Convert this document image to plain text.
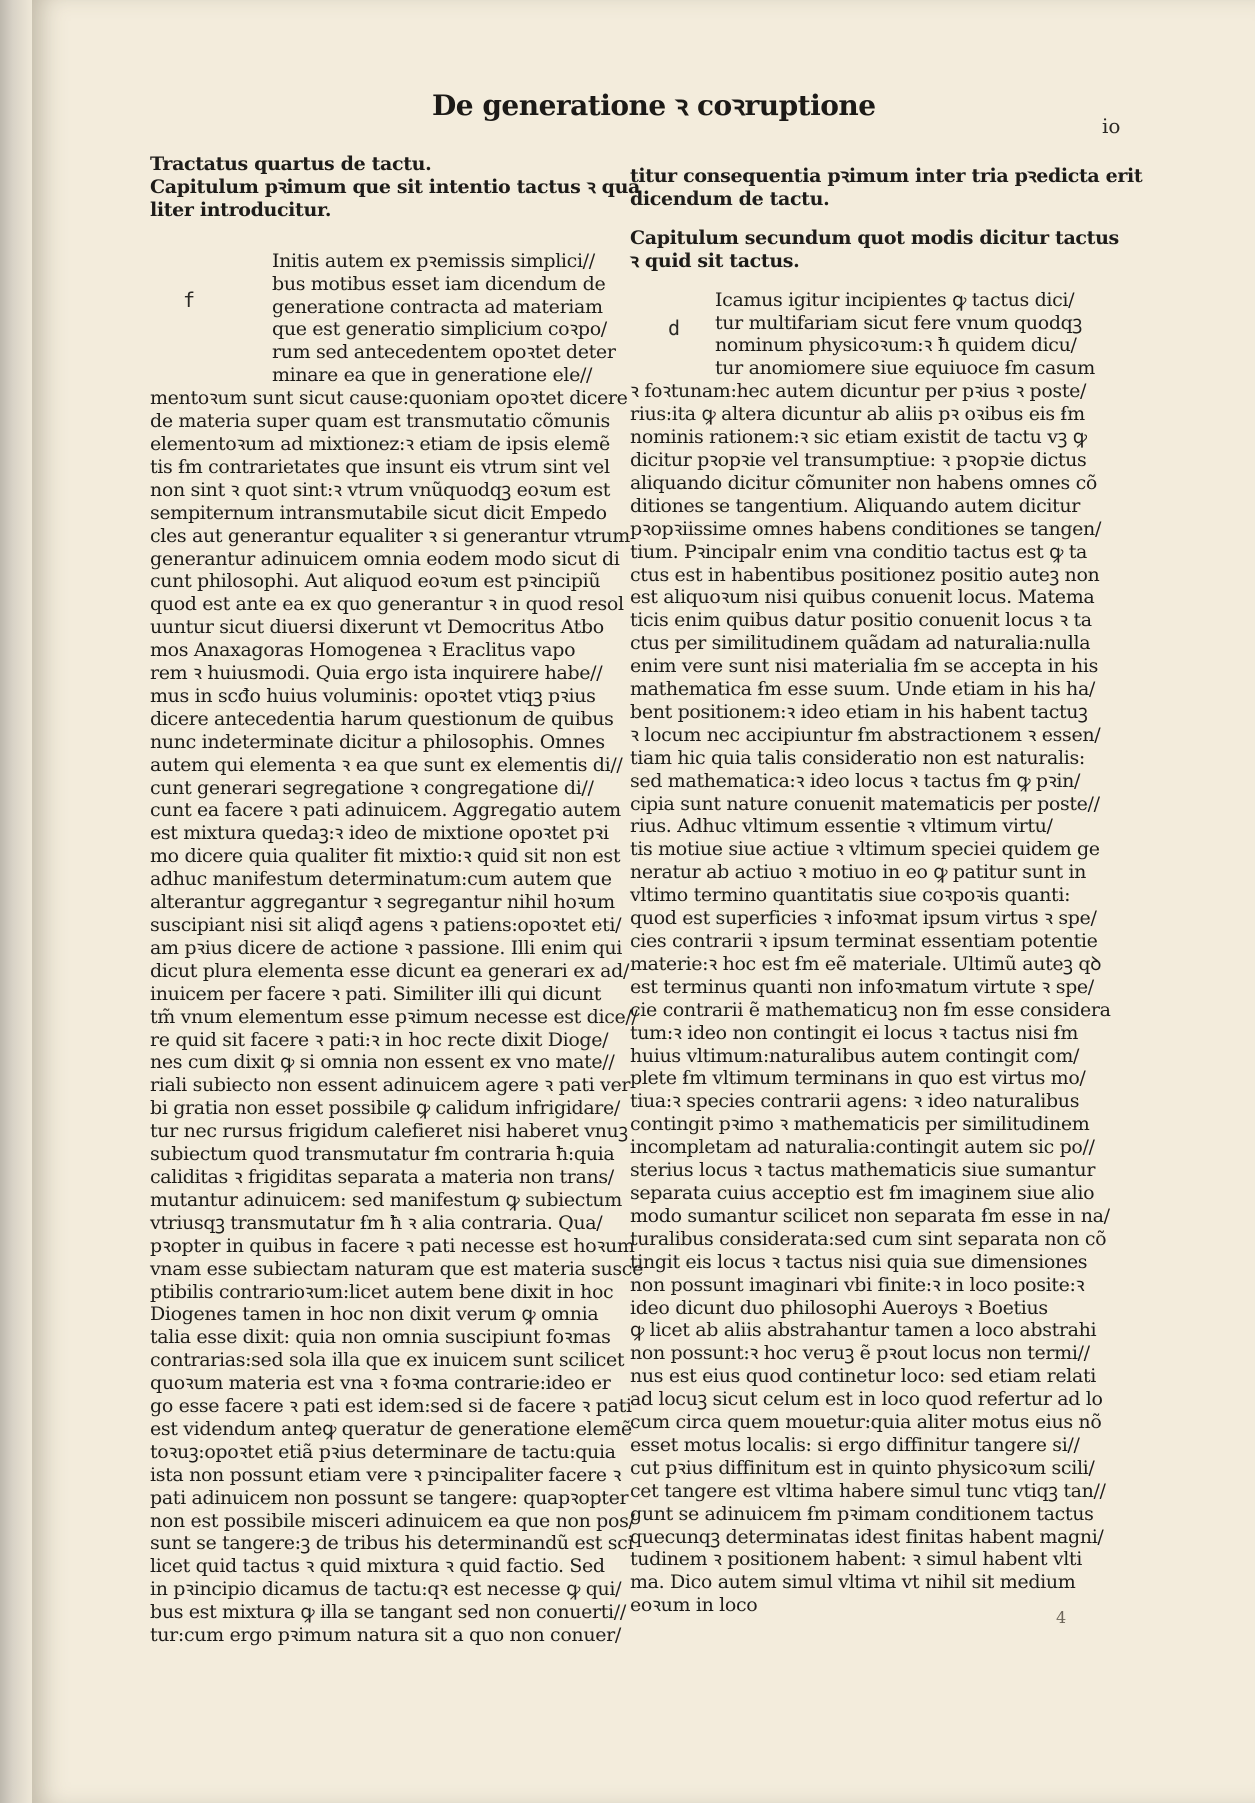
De generatione ꝛ coꝛruptione
io
f
d
Tractatus quartus de tactu.
Capitulum pꝛimum que sit intentio tactus ꝛ qua
liter introducitur.
Initis autem ex pꝛemissis simplici//
bus motibus esset iam dicendum de
generatione contracta ad materiam
que est generatio simplicium coꝛpo/
rum sed antecedentem opoꝛtet deter
minare ea que in generatione ele//
mentoꝛum sunt sicut cause:quoniam opoꝛtet dicere
de materia super quam est transmutatio cõmunis
elementoꝛum ad mixtionez:ꝛ etiam de ipsis elemẽ
tis ẜm contrarietates que insunt eis vtrum sint vel
non sint ꝛ quot sint:ꝛ vtrum vnũquodqꝫ eoꝛum est
sempiternum intransmutabile sicut dicit Empedo
cles aut generantur equaliter ꝛ si generantur vtrum
generantur adinuicem omnia eodem modo sicut di
cunt philosophi. Aut aliquod eoꝛum est pꝛincipiũ
quod est ante ea ex quo generantur ꝛ in quod resol
uuntur sicut diuersi dixerunt vt Democritus Atbo
mos Anaxagoras Homogenea ꝛ Eraclitus vapo
rem ꝛ huiusmodi. Quia ergo ista inquirere habe//
mus in scđo huius voluminis: opoꝛtet vtiqꝫ pꝛius
dicere antecedentia harum questionum de quibus
nunc indeterminate dicitur a philosophis. Omnes
autem qui elementa ꝛ ea que sunt ex elementis di//
cunt generari segregatione ꝛ congregatione di//
cunt ea facere ꝛ pati adinuicem. Aggregatio autem
est mixtura quedaꝫ:ꝛ ideo de mixtione opoꝛtet pꝛi
mo dicere quia qualiter fit mixtio:ꝛ quid sit non est
adhuc manifestum determinatum:cum autem que
alterantur aggregantur ꝛ segregantur nihil hoꝛum
suscipiant nisi sit aliqđ agens ꝛ patiens:opoꝛtet eti/
am pꝛius dicere de actione ꝛ passione. Illi enim qui
dicut plura elementa esse dicunt ea generari ex ad/
inuicem per facere ꝛ pati. Similiter illi qui dicunt
tm̃ vnum elementum esse pꝛimum necesse est dice//
re quid sit facere ꝛ pati:ꝛ in hoc recte dixit Dioge/
nes cum dixit ꝙ si omnia non essent ex vno mate//
riali subiecto non essent adinuicem agere ꝛ pati ver
bi gratia non esset possibile ꝙ calidum infrigidare/
tur nec rursus frigidum calefieret nisi haberet vnuꝫ
subiectum quod transmutatur ẜm contraria ħ:quia
caliditas ꝛ frigiditas separata a materia non trans/
mutantur adinuicem: sed manifestum ꝙ subiectum
vtriusqꝫ transmutatur ẜm ħ ꝛ alia contraria. Qua/
pꝛopter in quibus in facere ꝛ pati necesse est hoꝛum
vnam esse subiectam naturam que est materia susce
ptibilis contrarioꝛum:licet autem bene dixit in hoc
Diogenes tamen in hoc non dixit verum ꝙ omnia
talia esse dixit: quia non omnia suscipiunt foꝛmas
contrarias:sed sola illa que ex inuicem sunt scilicet
quoꝛum materia est vna ꝛ foꝛma contrarie:ideo er
go esse facere ꝛ pati est idem:sed si de facere ꝛ pati
est videndum anteꝙ queratur de generatione elemẽ
toꝛuꝫ:opoꝛtet etiã pꝛius determinare de tactu:quia
ista non possunt etiam vere ꝛ pꝛincipaliter facere ꝛ
pati adinuicem non possunt se tangere: quapꝛopter
non est possibile misceri adinuicem ea que non pos/
sunt se tangere:ꝫ de tribus his determinandũ est sci
licet quid tactus ꝛ quid mixtura ꝛ quid factio. Sed
in pꝛincipio dicamus de tactu:qꝛ est necesse ꝙ qui/
bus est mixtura ꝙ illa se tangant sed non conuerti//
tur:cum ergo pꝛimum natura sit a quo non conuer/
titur consequentia pꝛimum inter tria pꝛedicta erit
dicendum de tactu.
Capitulum secundum quot modis dicitur tactus
ꝛ quid sit tactus.
Icamus igitur incipientes ꝙ tactus dici/
tur multifariam sicut fere vnum quodqꝫ
nominum physicoꝛum:ꝛ ħ quidem dicu/
tur anomiomere siue equiuoce ẜm casum
ꝛ foꝛtunam:hec autem dicuntur per pꝛius ꝛ poste/
rius:ita ꝙ altera dicuntur ab aliis pꝛ oꝛibus eis ẜm
nominis rationem:ꝛ sic etiam existit de tactu vꝫ ꝙ
dicitur pꝛopꝛie vel transumptiue: ꝛ pꝛopꝛie dictus
aliquando dicitur cõmuniter non habens omnes cõ
ditiones se tangentium. Aliquando autem dicitur
pꝛopꝛiissime omnes habens conditiones se tangen/
tium. Pꝛincipalr enim vna conditio tactus est ꝙ ta
ctus est in habentibus positionez positio auteꝫ non
est aliquoꝛum nisi quibus conuenit locus. Matema
ticis enim quibus datur positio conuenit locus ꝛ ta
ctus per similitudinem quãdam ad naturalia:nulla
enim vere sunt nisi materialia ẜm se accepta in his
mathematica ẜm esse suum. Unde etiam in his ha/
bent positionem:ꝛ ideo etiam in his habent tactuꝫ
ꝛ locum nec accipiuntur ẜm abstractionem ꝛ essen/
tiam hic quia talis consideratio non est naturalis:
sed mathematica:ꝛ ideo locus ꝛ tactus ẜm ꝙ pꝛin/
cipia sunt nature conuenit matematicis per poste//
rius. Adhuc vltimum essentie ꝛ vltimum virtu/
tis motiue siue actiue ꝛ vltimum speciei quidem ge
neratur ab actiuo ꝛ motiuo in eo ꝙ patitur sunt in
vltimo termino quantitatis siue coꝛpoꝛis quanti:
quod est superficies ꝛ infoꝛmat ipsum virtus ꝛ spe/
cies contrarii ꝛ ipsum terminat essentiam potentie
materie:ꝛ hoc est ẜm eẽ materiale. Ultimũ auteꝫ qꝺ
est terminus quanti non infoꝛmatum virtute ꝛ spe/
cie contrarii ẽ mathematicuꝫ non ẜm esse considera
tum:ꝛ ideo non contingit ei locus ꝛ tactus nisi ẜm
huius vltimum:naturalibus autem contingit com/
plete ẜm vltimum terminans in quo est virtus mo/
tiua:ꝛ species contrarii agens: ꝛ ideo naturalibus
contingit pꝛimo ꝛ mathematicis per similitudinem
incompletam ad naturalia:contingit autem sic po//
sterius locus ꝛ tactus mathematicis siue sumantur
separata cuius acceptio est ẜm imaginem siue alio
modo sumantur scilicet non separata ẜm esse in na/
turalibus considerata:sed cum sint separata non cõ
tingit eis locus ꝛ tactus nisi quia sue dimensiones
non possunt imaginari vbi finite:ꝛ in loco posite:ꝛ
ideo dicunt duo philosophi Aueroys ꝛ Boetius
ꝙ licet ab aliis abstrahantur tamen a loco abstrahi
non possunt:ꝛ hoc veruꝫ ẽ pꝛout locus non termi//
nus est eius quod continetur loco: sed etiam relati
ad locuꝫ sicut celum est in loco quod refertur ad lo
cum circa quem mouetur:quia aliter motus eius nõ
esset motus localis: si ergo diffinitur tangere si//
cut pꝛius diffinitum est in quinto physicoꝛum scili/
cet tangere est vltima habere simul tunc vtiqꝫ tan//
gunt se adinuicem ẜm pꝛimam conditionem tactus
quecunqꝫ determinatas idest finitas habent magni/
tudinem ꝛ positionem habent: ꝛ simul habent vlti
ma. Dico autem simul vltima vt nihil sit medium
eoꝛum in loco
4
